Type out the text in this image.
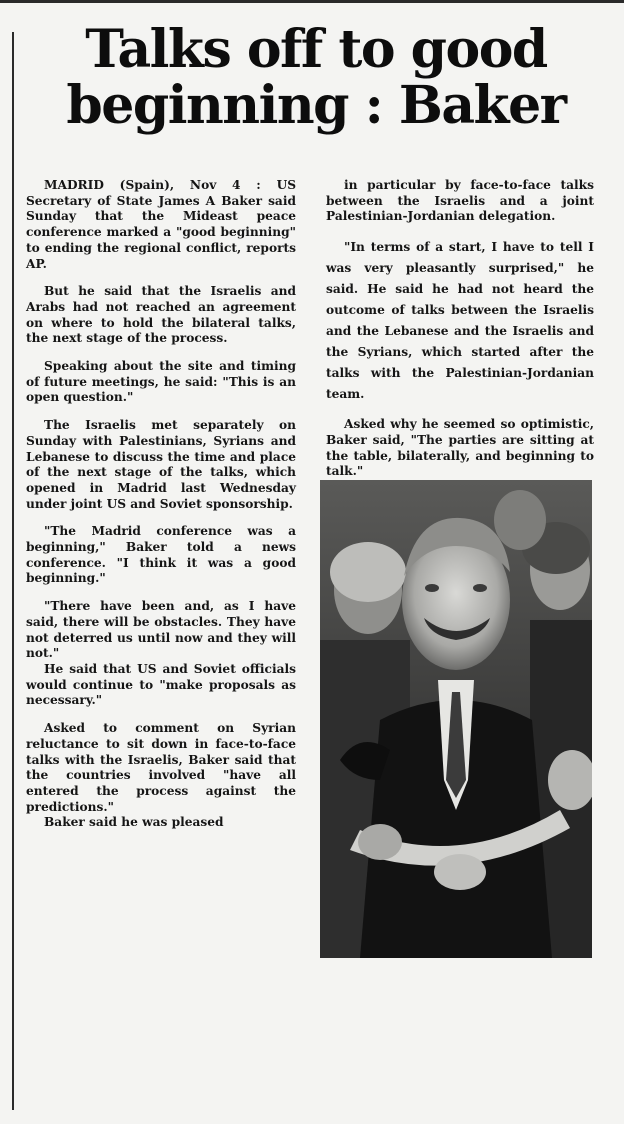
Talks off to good
beginning : Baker

MADRID (Spain), Nov 4 : US Secretary of State James A Baker said Sunday that the Mideast peace conference marked a "good beginning" to ending the regional conflict, reports AP.

But he said that the Israelis and Arabs had not reached an agreement on where to hold the bilateral talks, the next stage of the process.

Speaking about the site and timing of future meetings, he said: "This is an open question."

The Israelis met separately on Sunday with Palestinians, Syrians and Lebanese to discuss the time and place of the next stage of the talks, which opened in Madrid last Wednesday under joint US and Soviet sponsorship.

"The Madrid conference was a beginning," Baker told a news conference. "I think it was a good beginning."

"There have been and, as I have said, there will be obstacles. They have not deterred us until now and they will not."

He said that US and Soviet officials would continue to "make proposals as necessary."

Asked to comment on Syrian reluctance to sit down in face-to-face talks with the Israelis, Baker said that the countries involved "have all entered the process against the predictions."

Baker said he was pleased

in particular by face-to-face talks between the Israelis and a joint Palestinian-Jordanian delegation.

"In terms of a start, I have to tell I was very pleasantly surprised," he said. He said he had not heard the outcome of talks between the Israelis and the Lebanese and the Israelis and the Syrians, which started after the talks with the Palestinian-Jordanian team.

Asked why he seemed so optimistic, Baker said, "The parties are sitting at the table, bilaterally, and beginning to talk."
